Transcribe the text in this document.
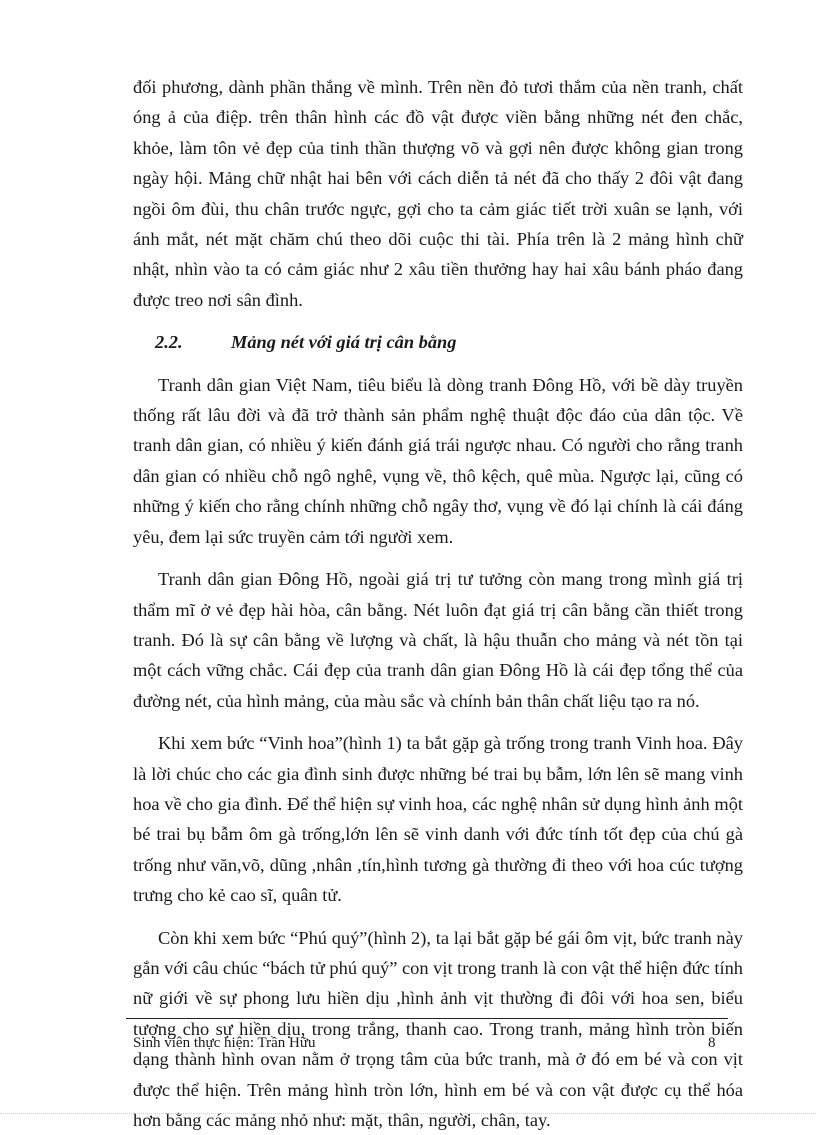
đối phương, dành phần thắng về mình. Trên nền đỏ tươi thắm của nền tranh, chất óng ả của điệp. trên thân hình các đồ vật được viền bằng những nét đen chắc, khỏe, làm tôn vẻ đẹp của tinh thần thượng võ và gợi nên được không gian trong ngày hội. Mảng chữ nhật hai bên với cách diễn tả nét đã cho thấy 2 đôi vật đang ngồi ôm đùi, thu chân trước ngực, gợi cho ta cảm giác tiết trời xuân se lạnh, với ánh mắt, nét mặt chăm chú theo dõi cuộc thi tài. Phía trên là 2 mảng hình chữ nhật, nhìn vào ta có cảm giác như 2 xâu tiền thưởng hay hai xâu bánh pháo đang được treo nơi sân đình.

2.2.	Mảng nét với giá trị cân bằng

Tranh dân gian Việt Nam, tiêu biểu là dòng tranh Đông Hồ, với bề dày truyền thống rất lâu đời và đã trở thành sản phẩm nghệ thuật độc đáo của dân tộc. Về tranh dân gian, có nhiều ý kiến đánh giá trái ngược nhau. Có người cho rằng tranh dân gian có nhiều chỗ ngô nghê, vụng về, thô kệch, quê mùa. Ngược lại, cũng có những ý kiến cho rằng chính những chỗ ngây thơ, vụng về đó lại chính là cái đáng yêu, đem lại sức truyền cảm tới người xem.

Tranh dân gian Đông Hồ, ngoài giá trị tư tưởng còn mang trong mình giá trị thẩm mĩ ở vẻ đẹp hài hòa, cân bằng. Nét luôn đạt giá trị cân bằng cần thiết trong tranh. Đó là sự cân bằng về lượng và chất, là hậu thuẫn cho mảng và nét tồn tại một cách vững chắc. Cái đẹp của tranh dân gian Đông Hồ là cái đẹp tổng thể của đường nét, của hình mảng, của màu sắc và chính bản thân chất liệu tạo ra nó.

Khi xem bức “Vinh hoa”(hình 1) ta bắt gặp gà trống trong tranh Vinh hoa. Đây là lời chúc cho các gia đình sinh được những bé trai bụ bẫm, lớn lên sẽ mang vinh hoa về cho gia đình. Để thể hiện sự vinh hoa, các nghệ nhân sử dụng hình ảnh một bé trai bụ bẫm ôm gà trống,lớn lên sẽ vinh danh với đức tính tốt đẹp của chú gà trống như văn,võ, dũng ,nhân ,tín,hình tương gà thường đi theo với hoa cúc tượng trưng cho kẻ cao sĩ, quân tử.

Còn khi xem bức “Phú quý”(hình 2), ta lại bắt gặp bé gái ôm vịt, bức tranh này gắn với câu chúc “bách tử phú quý” con vịt trong tranh là con vật thể hiện đức tính nữ giới về sự phong lưu hiền dịu ,hình ảnh vịt thường đi đôi với hoa sen, biểu tượng cho sự hiền dịu, trong trắng, thanh cao. Trong tranh, mảng hình tròn biến dạng thành hình ovan nằm ở trọng tâm của bức tranh, mà ở đó em bé và con vịt được thể hiện. Trên mảng hình tròn lớn, hình em bé và con vật được cụ thể hóa hơn bằng các mảng nhỏ như: mặt, thân, người, chân, tay.

Sinh viên thực hiện: Trần Hữu	8
